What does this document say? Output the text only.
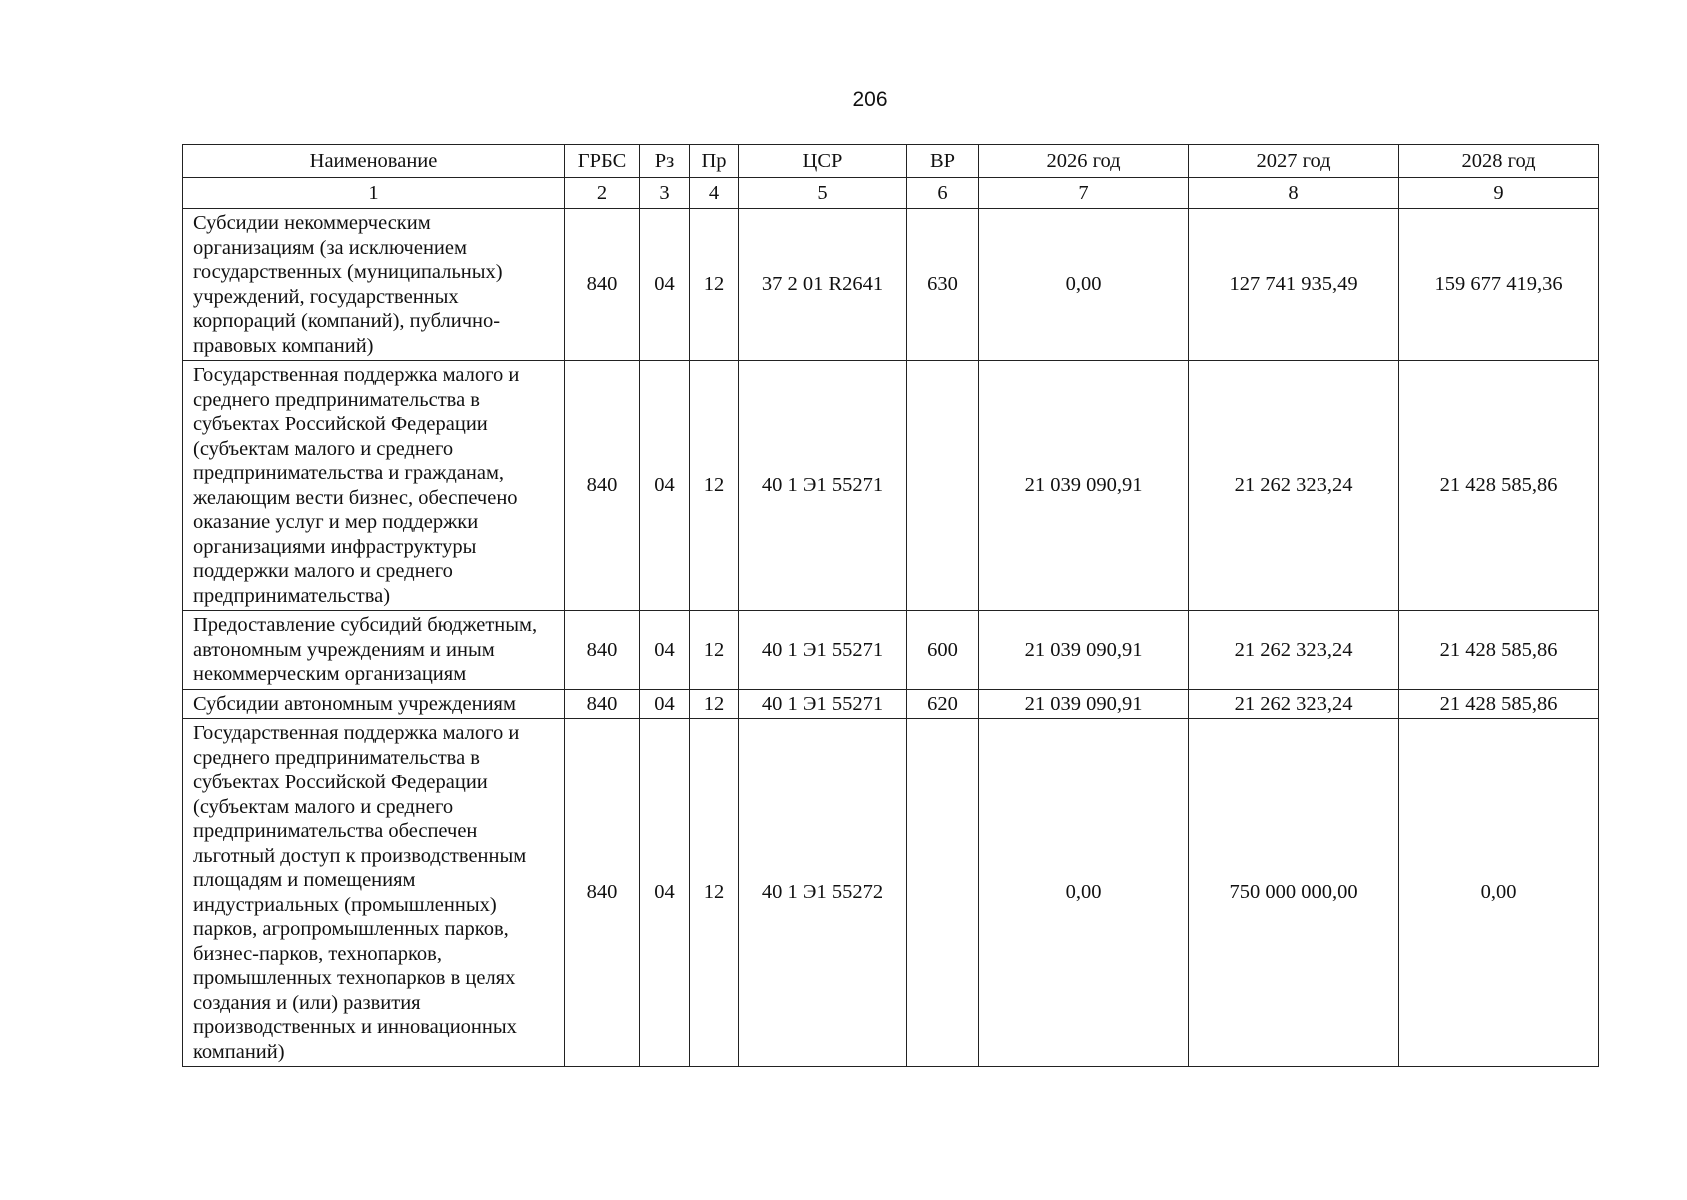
206
Наименование	ГРБС	Рз	Пр	ЦСР	ВР	2026 год	2027 год	2028 год
1	2	3	4	5	6	7	8	9
Субсидии некоммерческим организациям (за исключением государственных (муниципальных) учреждений, государственных корпораций (компаний), публично-правовых компаний)	840	04	12	37 2 01 R2641	630	0,00	127 741 935,49	159 677 419,36
Государственная поддержка малого и среднего предпринимательства в субъектах Российской Федерации (субъектам малого и среднего предпринимательства и гражданам, желающим вести бизнес, обеспечено оказание услуг и мер поддержки организациями инфраструктуры поддержки малого и среднего предпринимательства)	840	04	12	40 1 Э1 55271		21 039 090,91	21 262 323,24	21 428 585,86
Предоставление субсидий бюджетным, автономным учреждениям и иным некоммерческим организациям	840	04	12	40 1 Э1 55271	600	21 039 090,91	21 262 323,24	21 428 585,86
Субсидии автономным учреждениям	840	04	12	40 1 Э1 55271	620	21 039 090,91	21 262 323,24	21 428 585,86
Государственная поддержка малого и среднего предпринимательства в субъектах Российской Федерации (субъектам малого и среднего предпринимательства обеспечен льготный доступ к производственным площадям и помещениям индустриальных (промышленных) парков, агропромышленных парков, бизнес-парков, технопарков, промышленных технопарков в целях создания и (или) развития производственных и инновационных компаний)	840	04	12	40 1 Э1 55272		0,00	750 000 000,00	0,00
